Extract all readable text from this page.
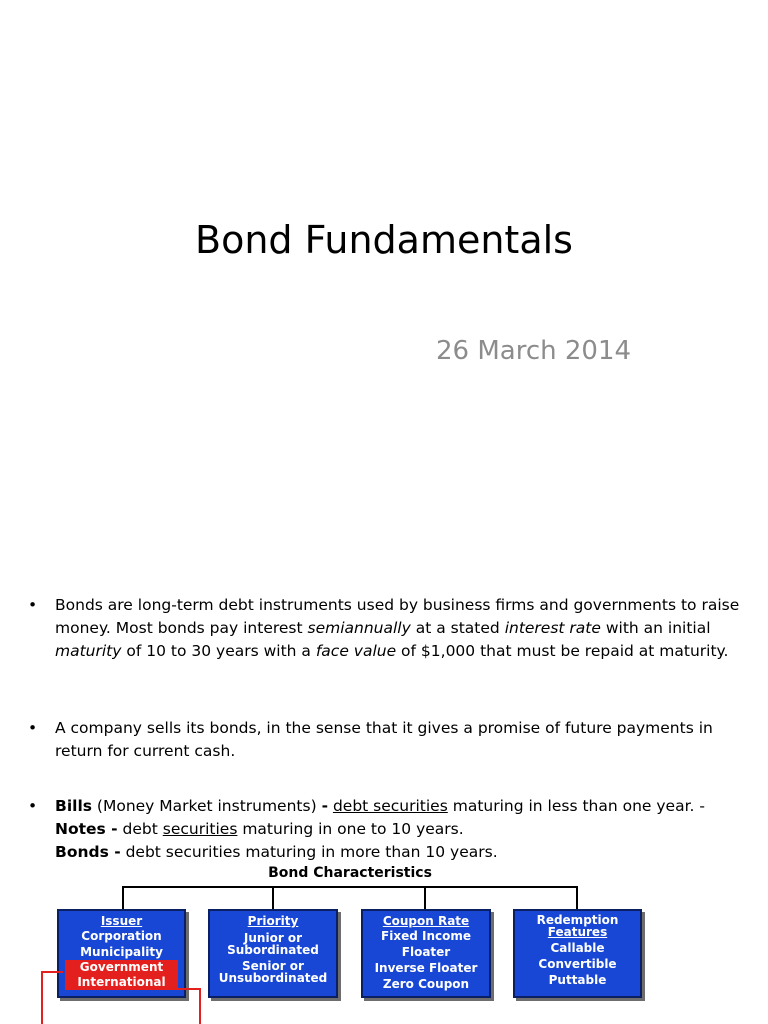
Bond Fundamentals
26 March 2014
• Bonds are long-term debt instruments used by business firms and governments to raise money. Most bonds pay interest semiannually at a stated interest rate with an initial maturity of 10 to 30 years with a face value of $1,000 that must be repaid at maturity.
• A company sells its bonds, in the sense that it gives a promise of future payments in return for current cash.
• Bills (Money Market instruments) - debt securities maturing in less than one year. -
Notes - debt securities maturing in one to 10 years.
Bonds - debt securities maturing in more than 10 years.
Bond Characteristics
Issuer
Corporation
Municipality
Government
International
Priority
Junior or
Subordinated
Senior or
Unsubordinated
Coupon Rate
Fixed Income
Floater
Inverse Floater
Zero Coupon
Redemption
Features
Callable
Convertible
Puttable
